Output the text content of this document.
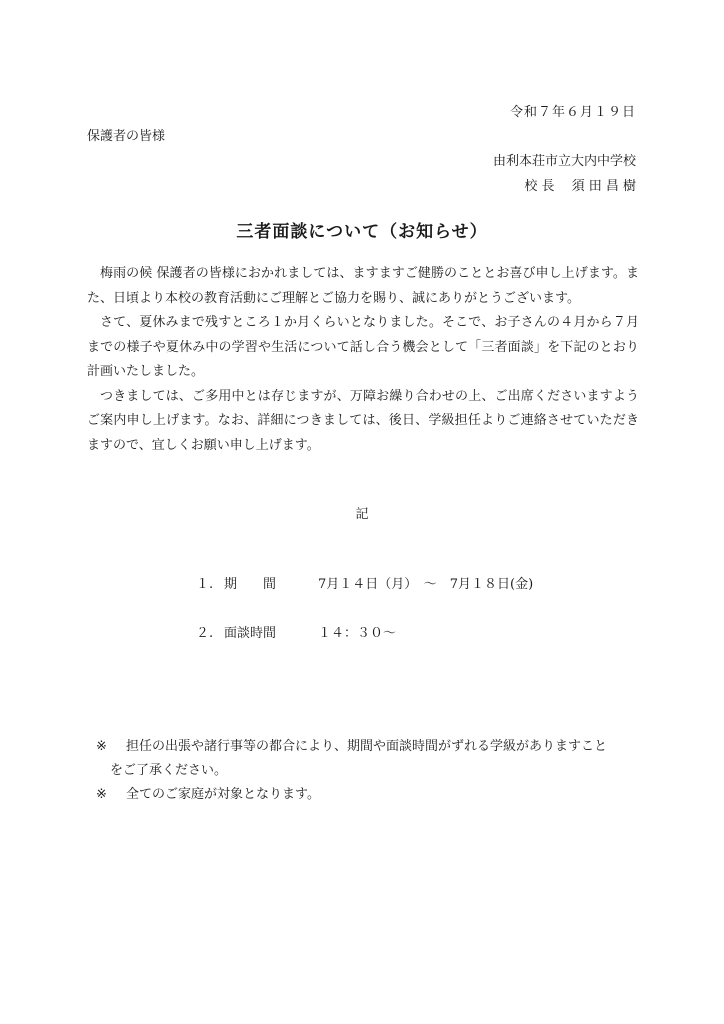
令和７年６月１９日
保護者の皆様
由利本荘市立大内中学校
校 長　 須 田 昌 樹
三者面談について（お知らせ）

梅雨の候 保護者の皆様におかれましては、ますますご健勝のこととお喜び申し上げます。また、日頃より本校の教育活動にご理解とご協力を賜り、誠にありがとうございます。

さて、夏休みまで残すところ１か月くらいとなりました。そこで、お子さんの４月から７月までの様子や夏休み中の学習や生活について話し合う機会として「三者面談」を下記のとおり計画いたしました。

つきましては、ご多用中とは存じますが、万障お繰り合わせの上、ご出席くださいますようご案内申し上げます。なお、詳細につきましては、後日、学級担任よりご連絡させていただきますので、宜しくお願い申し上げます。

記
１. 期　　間	7月１４日（月）　～　7月１８日(金)
２. 面談時間	１４：３０～
※ 担任の出張や諸行事等の都合により、期間や面談時間がずれる学級がありますこと
をご了承ください。
※ 全てのご家庭が対象となります。
